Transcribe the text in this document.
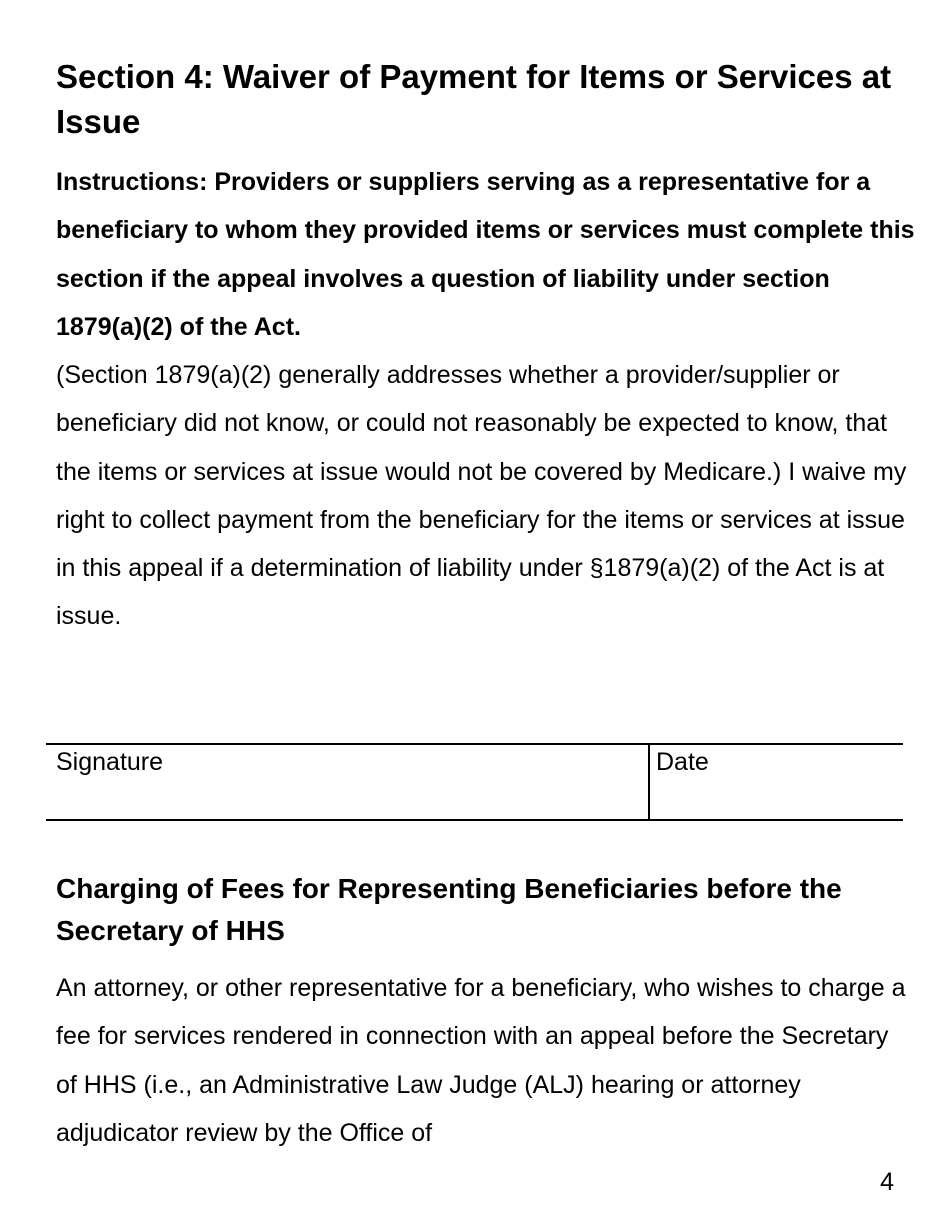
Section 4: Waiver of Payment for Items or Services at Issue

Instructions: Providers or suppliers serving as a representative for a beneficiary to whom they provided items or services must complete this section if the appeal involves a question of liability under section 1879(a)(2) of the Act.

(Section 1879(a)(2) generally addresses whether a provider/supplier or beneficiary did not know, or could not reasonably be expected to know, that the items or services at issue would not be covered by Medicare.) I waive my right to collect payment from the beneficiary for the items or services at issue in this appeal if a determination of liability under §1879(a)(2) of the Act is at issue.

Signature	Date
Charging of Fees for Representing Beneficiaries before the Secretary of HHS

An attorney, or other representative for a beneficiary, who wishes to charge a fee for services rendered in connection with an appeal before the Secretary of HHS (i.e., an Administrative Law Judge (ALJ) hearing or attorney adjudicator review by the Office of

4
